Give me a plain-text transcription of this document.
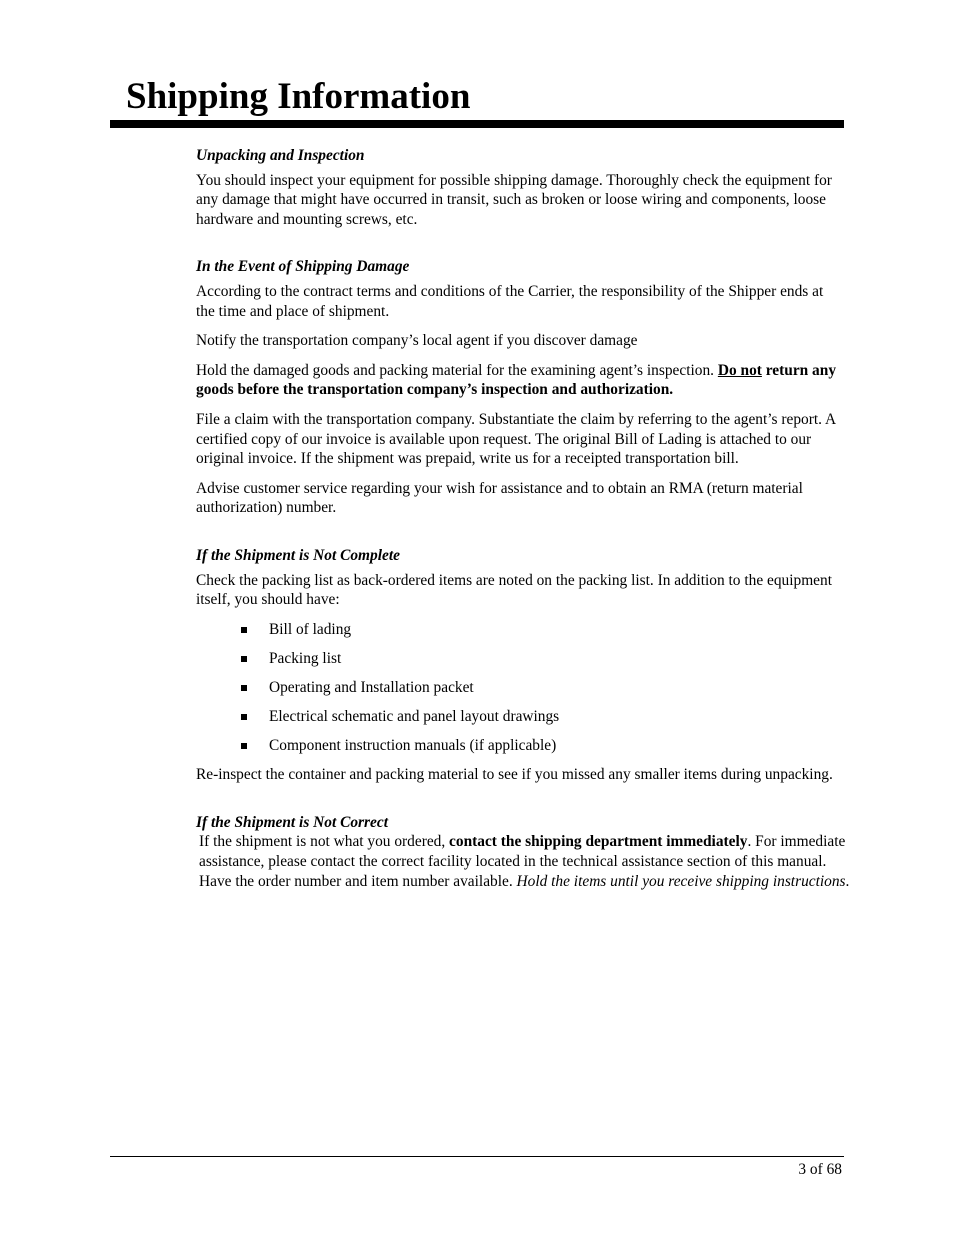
Shipping Information
Unpacking and Inspection

You should inspect your equipment for possible shipping damage. Thoroughly check the equipment for any damage that might have occurred in transit, such as broken or loose wiring and components, loose hardware and mounting screws, etc.

In the Event of Shipping Damage

According to the contract terms and conditions of the Carrier, the responsibility of the Shipper ends at the time and place of shipment.

Notify the transportation company’s local agent if you discover damage

Hold the damaged goods and packing material for the examining agent’s inspection. Do not return any goods before the transportation company’s inspection and authorization.

File a claim with the transportation company. Substantiate the claim by referring to the agent’s report. A certified copy of our invoice is available upon request. The original Bill of Lading is attached to our original invoice. If the shipment was prepaid, write us for a receipted transportation bill.

Advise customer service regarding your wish for assistance and to obtain an RMA (return material authorization) number.

If the Shipment is Not Complete

Check the packing list as back-ordered items are noted on the packing list. In addition to the equipment itself, you should have:

Bill of lading
Packing list
Operating and Installation packet
Electrical schematic and panel layout drawings
Component instruction manuals (if applicable)

Re-inspect the container and packing material to see if you missed any smaller items during unpacking.

If the Shipment is Not Correct

If the shipment is not what you ordered, contact the shipping department immediately. For immediate assistance, please contact the correct facility located in the technical assistance section of this manual. Have the order number and item number available. Hold the items until you receive shipping instructions.

3 of 68
